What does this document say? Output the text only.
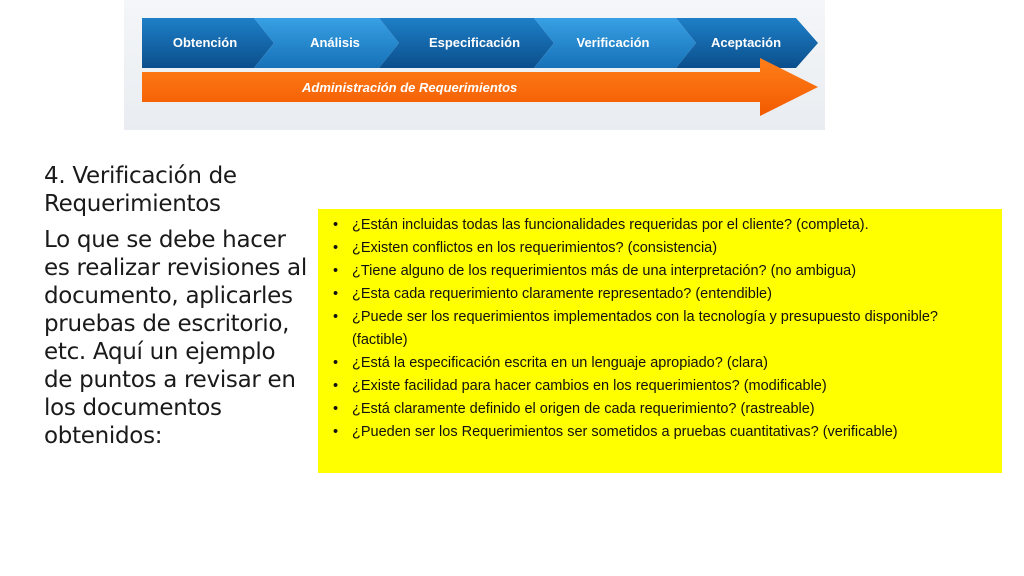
Obtención	Análisis	Especificación	Verificación	Aceptación
Administración de Requerimientos

4. Verificación de Requerimientos

Lo que se debe hacer es realizar revisiones al documento, aplicarles pruebas de escritorio, etc. Aquí un ejemplo de puntos a revisar en los documentos obtenidos:

• ¿Están incluidas todas las funcionalidades requeridas por el cliente? (completa).
• ¿Existen conflictos en los requerimientos? (consistencia)
• ¿Tiene alguno de los requerimientos más de una interpretación? (no ambigua)
• ¿Esta cada requerimiento claramente representado? (entendible)
• ¿Puede ser los requerimientos implementados con la tecnología y presupuesto disponible? (factible)
• ¿Está la especificación escrita en un lenguaje apropiado? (clara)
• ¿Existe facilidad para hacer cambios en los requerimientos? (modificable)
• ¿Está claramente definido el origen de cada requerimiento? (rastreable)
• ¿Pueden ser los Requerimientos ser sometidos a pruebas cuantitativas? (verificable)
